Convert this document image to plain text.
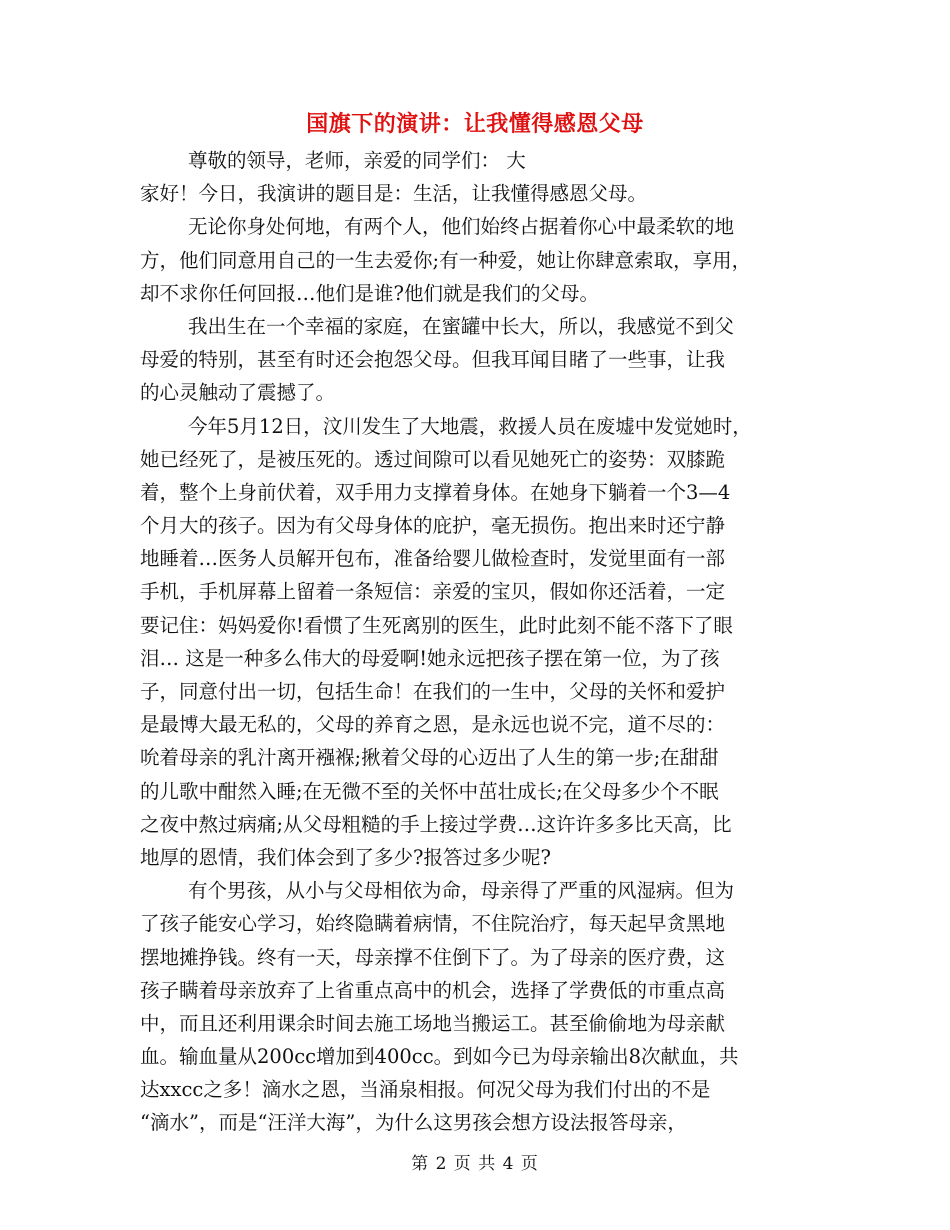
国旗下的演讲：让我懂得感恩父母
尊敬的领导，老师，亲爱的同学们： 大
家好！今日，我演讲的题目是：生活，让我懂得感恩父母。
无论你身处何地，有两个人，他们始终占据着你心中最柔软的地
方，他们同意用自己的一生去爱你;有一种爱，她让你肆意索取，享用，
却不求你任何回报…他们是谁?他们就是我们的父母。
我出生在一个幸福的家庭，在蜜罐中长大，所以，我感觉不到父
母爱的特别，甚至有时还会抱怨父母。但我耳闻目睹了一些事，让我
的心灵触动了震撼了。
今年5月12日，汶川发生了大地震，救援人员在废墟中发觉她时，
她已经死了，是被压死的。透过间隙可以看见她死亡的姿势：双膝跪
着，整个上身前伏着，双手用力支撑着身体。在她身下躺着一个3—4
个月大的孩子。因为有父母身体的庇护，毫无损伤。抱出来时还宁静
地睡着…医务人员解开包布，准备给婴儿做检查时，发觉里面有一部
手机，手机屏幕上留着一条短信：亲爱的宝贝，假如你还活着，一定
要记住：妈妈爱你!看惯了生死离别的医生，此时此刻不能不落下了眼
泪… 这是一种多么伟大的母爱啊!她永远把孩子摆在第一位，为了孩
子，同意付出一切，包括生命！在我们的一生中，父母的关怀和爱护
是最博大最无私的，父母的养育之恩，是永远也说不完，道不尽的：
吮着母亲的乳汁离开襁褓;揪着父母的心迈出了人生的第一步;在甜甜
的儿歌中酣然入睡;在无微不至的关怀中茁壮成长;在父母多少个不眠
之夜中熬过病痛;从父母粗糙的手上接过学费…这许许多多比天高，比
地厚的恩情，我们体会到了多少?报答过多少呢?
有个男孩，从小与父母相依为命，母亲得了严重的风湿病。但为
了孩子能安心学习，始终隐瞒着病情，不住院治疗，每天起早贪黑地
摆地摊挣钱。终有一天，母亲撑不住倒下了。为了母亲的医疗费，这
孩子瞒着母亲放弃了上省重点高中的机会，选择了学费低的市重点高
中，而且还利用课余时间去施工场地当搬运工。甚至偷偷地为母亲献
血。输血量从200cc增加到400cc。到如今已为母亲输出8次献血，共
达xxcc之多！滴水之恩，当涌泉相报。何况父母为我们付出的不是
“滴水”，而是“汪洋大海”，为什么这男孩会想方设法报答母亲，
第 2 页 共 4 页
